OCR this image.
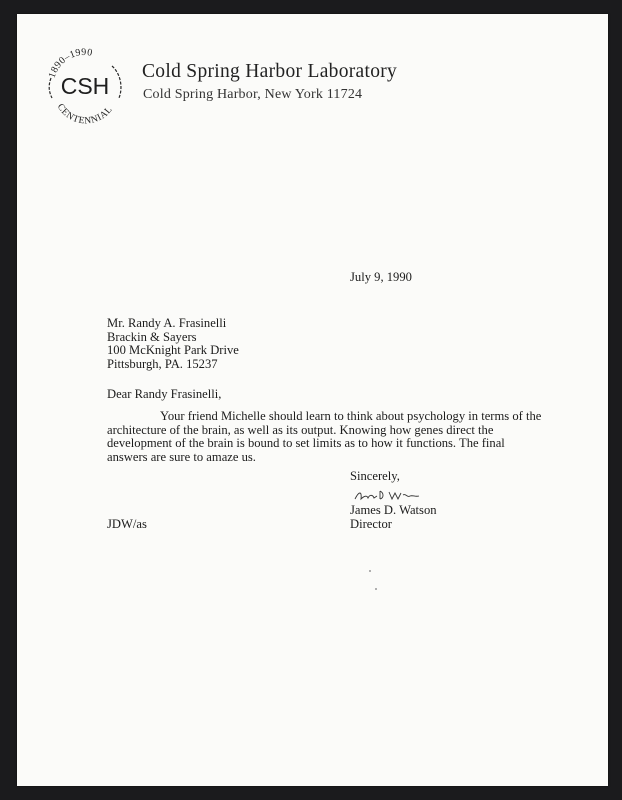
1890–1990
CSH
CENTENNIAL
Cold Spring Harbor Laboratory
Cold Spring Harbor, New York 11724
July 9, 1990
Mr. Randy A. Frasinelli
Brackin & Sayers
100 McKnight Park Drive
Pittsburgh, PA. 15237
Dear Randy Frasinelli,
Your friend Michelle should learn to think about psychology in terms of the
architecture of the brain, as well as its output. Knowing how genes direct the
development of the brain is bound to set limits as to how it functions. The final
answers are sure to amaze us.
Sincerely,
James D. Watson
Director
JDW/as
